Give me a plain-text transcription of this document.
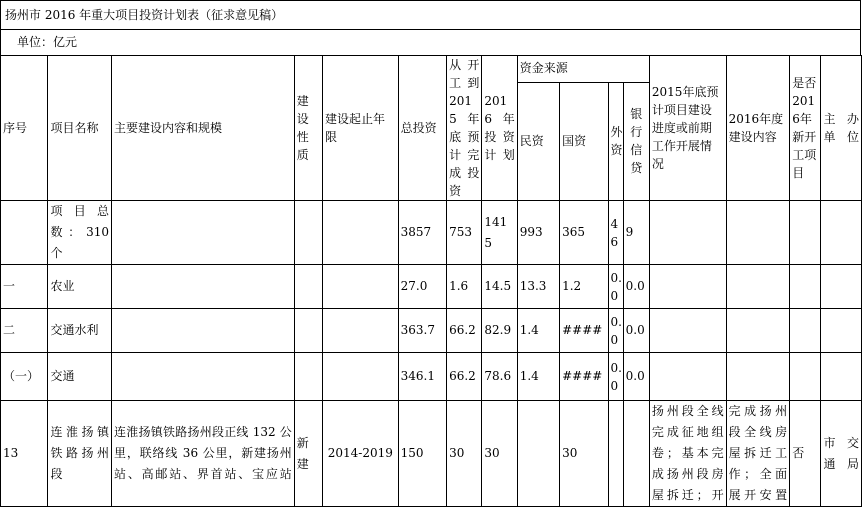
扬州市 2016 年重大项目投资计划表（征求意见稿）
单位：亿元
序号	项目名称	主要建设内容和规模	建设性质	建设起止年限	总投资	从开工到2015年底预计完成投资	2016年投资计划	资金来源				2015年底预计项目建设进度或前期工作开展情况	2016年度建设内容	是否2016年新开工项目	主办单位
								民资	国资	外资	银行信贷				
	项目总数：310个				3857	753	1415	993	365	46	9				
一	农业				27.0	1.6	14.5	13.3	1.2	0.0	0.0				
二	交通水利				363.7	66.2	82.9	1.4	####	0.0	0.0				
（一）	交通				346.1	66.2	78.6	1.4	####	0.0	0.0				
13	连淮扬镇铁路扬州段	连淮扬镇铁路扬州段正线 132 公里，联络线 36 公里，新建扬州站、高邮站、界首站、宝应站	新建	2014-2019	150	30	30		30			扬州段全线完成征地组卷；基本完成扬州段房屋拆迁；开	完成扬州段全线房屋拆迁工作；全面展开安置	否	市交通局
